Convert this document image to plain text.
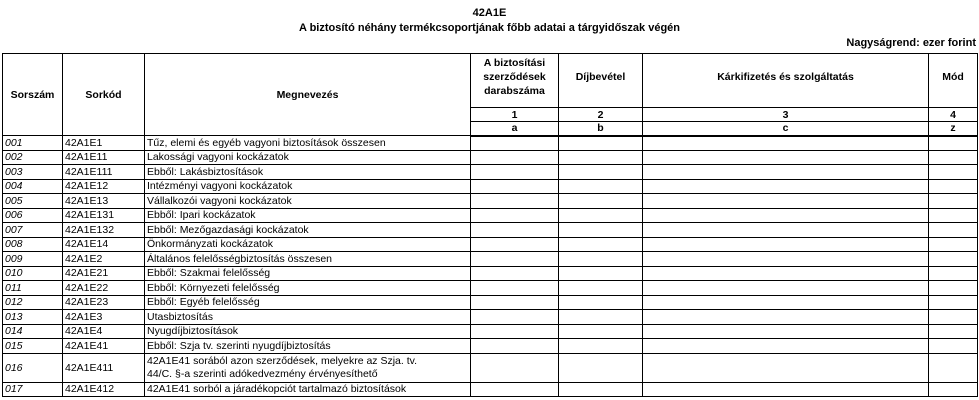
42A1E
A biztosító néhány termékcsoportjának főbb adatai a tárgyidőszak végén
Nagyságrend: ezer forint
Sorszám	Sorkód	Megnevezés	A biztosítási
szerződések
darabszáma	Díjbevétel	Kárkifizetés és szolgáltatás	Mód
			1	2	3	4
			a	b	c	z
001	42A1E1	Tűz, elemi és egyéb vagyoni biztosítások összesen				
002	42A1E11	Lakossági vagyoni kockázatok				
003	42A1E111	Ebből: Lakásbiztosítások				
004	42A1E12	Intézményi vagyoni kockázatok				
005	42A1E13	Vállalkozói vagyoni kockázatok				
006	42A1E131	Ebből: Ipari kockázatok				
007	42A1E132	Ebből: Mezőgazdasági kockázatok				
008	42A1E14	Önkormányzati kockázatok				
009	42A1E2	Általános felelősségbiztosítás összesen				
010	42A1E21	Ebből: Szakmai felelősség				
011	42A1E22	Ebből: Környezeti felelősség				
012	42A1E23	Ebből: Egyéb felelősség				
013	42A1E3	Utasbiztosítás				
014	42A1E4	Nyugdíjbiztosítások				
015	42A1E41	Ebből: Szja tv. szerinti nyugdíjbiztosítás				
016	42A1E411	42A1E41 sorából azon szerződések, melyekre az Szja. tv.
44/C. §-a szerinti adókedvezmény érvényesíthető				

017	42A1E412	42A1E41 sorból a járadékopciót tartalmazó biztosítások				
